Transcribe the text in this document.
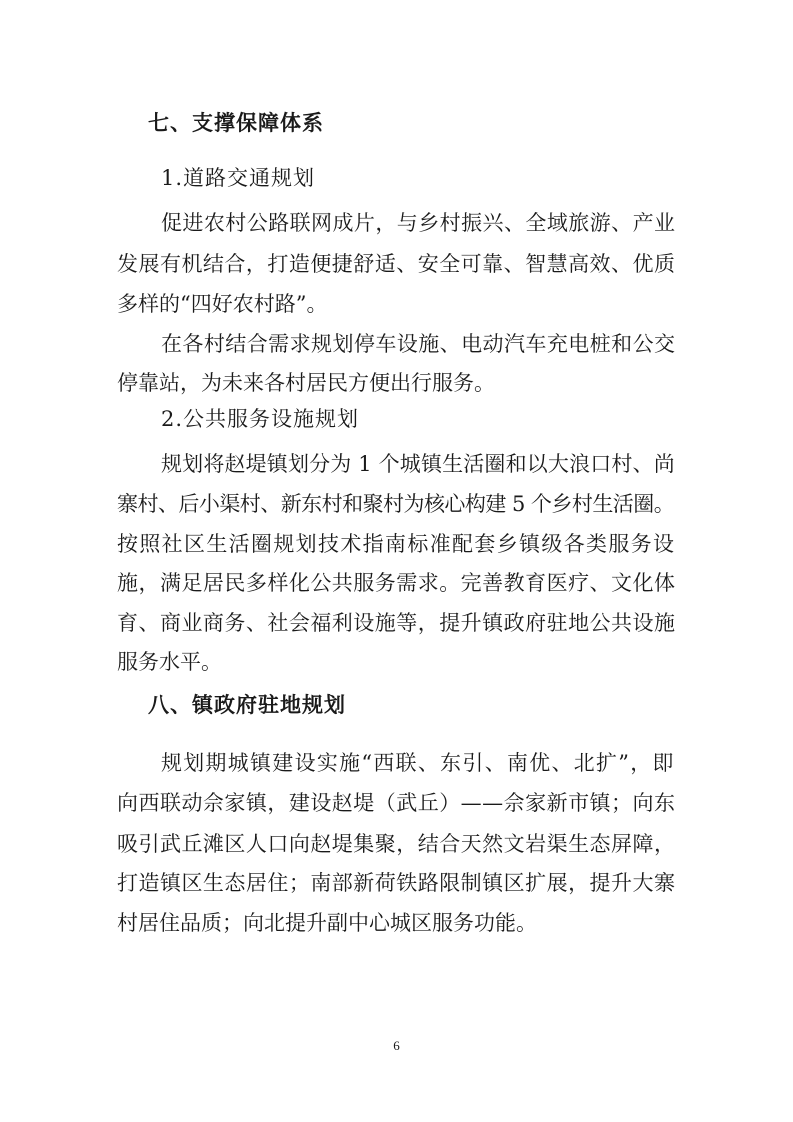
七、支撑保障体系
1.道路交通规划
促进农村公路联网成片，与乡村振兴、全域旅游、产业
发展有机结合，打造便捷舒适、安全可靠、智慧高效、优质
多样的“四好农村路”。
在各村结合需求规划停车设施、电动汽车充电桩和公交
停靠站，为未来各村居民方便出行服务。
2.公共服务设施规划
规划将赵堤镇划分为 1 个城镇生活圈和以大浪口村、尚
寨村、后小渠村、新东村和聚村为核心构建 5 个乡村生活圈。
按照社区生活圈规划技术指南标准配套乡镇级各类服务设
施，满足居民多样化公共服务需求。完善教育医疗、文化体
育、商业商务、社会福利设施等，提升镇政府驻地公共设施
服务水平。
八、镇政府驻地规划
规划期城镇建设实施“西联、东引、南优、北扩”，即
向西联动佘家镇，建设赵堤（武丘）——佘家新市镇；向东
吸引武丘滩区人口向赵堤集聚，结合天然文岩渠生态屏障，
打造镇区生态居住；南部新荷铁路限制镇区扩展，提升大寨
村居住品质；向北提升副中心城区服务功能。
6
